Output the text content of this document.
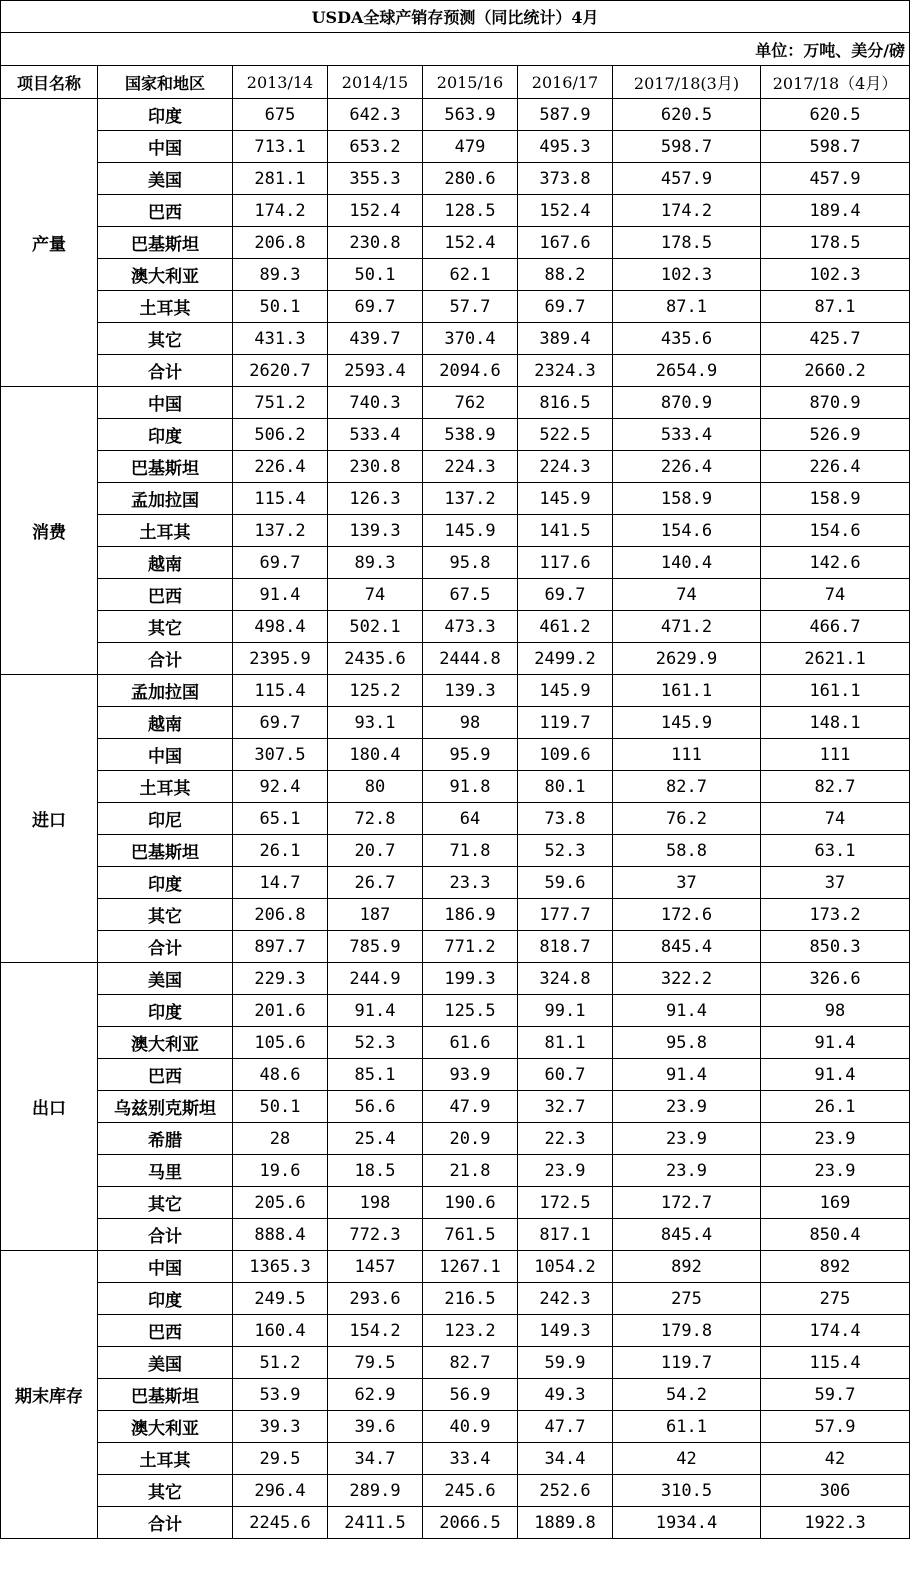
USDA全球产销存预测（同比统计）4月							
单位：万吨、美分/磅							
项目名称	国家和地区	2013/14	2014/15	2015/16	2016/17	2017/18(3月)	2017/18（4月）
产量	印度	675	642.3	563.9	587.9	620.5	620.5
	中国	713.1	653.2	479	495.3	598.7	598.7
	美国	281.1	355.3	280.6	373.8	457.9	457.9
	巴西	174.2	152.4	128.5	152.4	174.2	189.4
	巴基斯坦	206.8	230.8	152.4	167.6	178.5	178.5
	澳大利亚	89.3	50.1	62.1	88.2	102.3	102.3
	土耳其	50.1	69.7	57.7	69.7	87.1	87.1
	其它	431.3	439.7	370.4	389.4	435.6	425.7
	合计	2620.7	2593.4	2094.6	2324.3	2654.9	2660.2
消费	中国	751.2	740.3	762	816.5	870.9	870.9
	印度	506.2	533.4	538.9	522.5	533.4	526.9
	巴基斯坦	226.4	230.8	224.3	224.3	226.4	226.4
	孟加拉国	115.4	126.3	137.2	145.9	158.9	158.9
	土耳其	137.2	139.3	145.9	141.5	154.6	154.6
	越南	69.7	89.3	95.8	117.6	140.4	142.6
	巴西	91.4	74	67.5	69.7	74	74
	其它	498.4	502.1	473.3	461.2	471.2	466.7
	合计	2395.9	2435.6	2444.8	2499.2	2629.9	2621.1
进口	孟加拉国	115.4	125.2	139.3	145.9	161.1	161.1
	越南	69.7	93.1	98	119.7	145.9	148.1
	中国	307.5	180.4	95.9	109.6	111	111
	土耳其	92.4	80	91.8	80.1	82.7	82.7
	印尼	65.1	72.8	64	73.8	76.2	74
	巴基斯坦	26.1	20.7	71.8	52.3	58.8	63.1
	印度	14.7	26.7	23.3	59.6	37	37
	其它	206.8	187	186.9	177.7	172.6	173.2
	合计	897.7	785.9	771.2	818.7	845.4	850.3
出口	美国	229.3	244.9	199.3	324.8	322.2	326.6
	印度	201.6	91.4	125.5	99.1	91.4	98
	澳大利亚	105.6	52.3	61.6	81.1	95.8	91.4
	巴西	48.6	85.1	93.9	60.7	91.4	91.4
	乌兹别克斯坦	50.1	56.6	47.9	32.7	23.9	26.1
	希腊	28	25.4	20.9	22.3	23.9	23.9
	马里	19.6	18.5	21.8	23.9	23.9	23.9
	其它	205.6	198	190.6	172.5	172.7	169
	合计	888.4	772.3	761.5	817.1	845.4	850.4
期末库存	中国	1365.3	1457	1267.1	1054.2	892	892
	印度	249.5	293.6	216.5	242.3	275	275
	巴西	160.4	154.2	123.2	149.3	179.8	174.4
	美国	51.2	79.5	82.7	59.9	119.7	115.4
	巴基斯坦	53.9	62.9	56.9	49.3	54.2	59.7
	澳大利亚	39.3	39.6	40.9	47.7	61.1	57.9
	土耳其	29.5	34.7	33.4	34.4	42	42
	其它	296.4	289.9	245.6	252.6	310.5	306
	合计	2245.6	2411.5	2066.5	1889.8	1934.4	1922.3
